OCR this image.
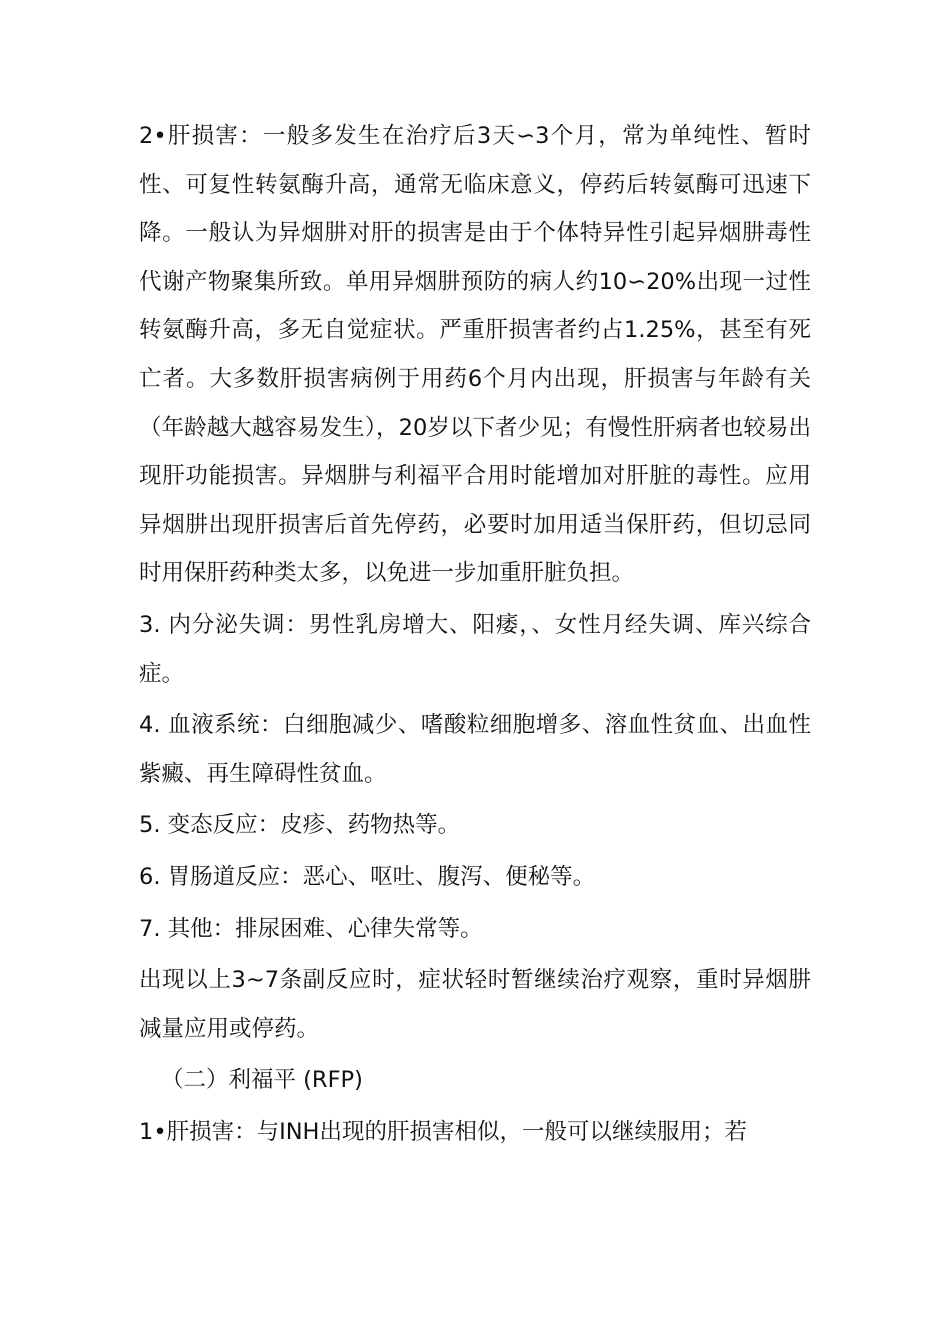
2•肝损害：一般多发生在治疗后3天∽3个月，常为单纯性、暂时性、可复性转氨酶升高，通常无临床意义，停药后转氨酶可迅速下降。一般认为异烟肼对肝的损害是由于个体特异性引起异烟肼毒性代谢产物聚集所致。单用异烟肼预防的病人约10∽20%出现一过性转氨酶升高，多无自觉症状。严重肝损害者约占1.25%，甚至有死亡者。大多数肝损害病例于用药6个月内出现，肝损害与年龄有关（年龄越大越容易发生），20岁以下者少见；有慢性肝病者也较易出现肝功能损害。异烟肼与利福平合用时能增加对肝脏的毒性。应用异烟肼出现肝损害后首先停药，必要时加用适当保肝药，但切忌同时用保肝药种类太多，以免进一步加重肝脏负担。

3. 内分泌失调：男性乳房增大、阳痿，、女性月经失调、库兴综合症。

4. 血液系统：白细胞减少、嗜酸粒细胞增多、溶血性贫血、出血性紫癜、再生障碍性贫血。

5. 变态反应：皮疹、药物热等。

6. 胃肠道反应：恶心、呕吐、腹泻、便秘等。

7. 其他：排尿困难、心律失常等。

出现以上3~7条副反应时，症状轻时暂继续治疗观察，重时异烟肼减量应用或停药。

（二）利福平 (RFP)

1•肝损害：与INH出现的肝损害相似，一般可以继续服用；若
